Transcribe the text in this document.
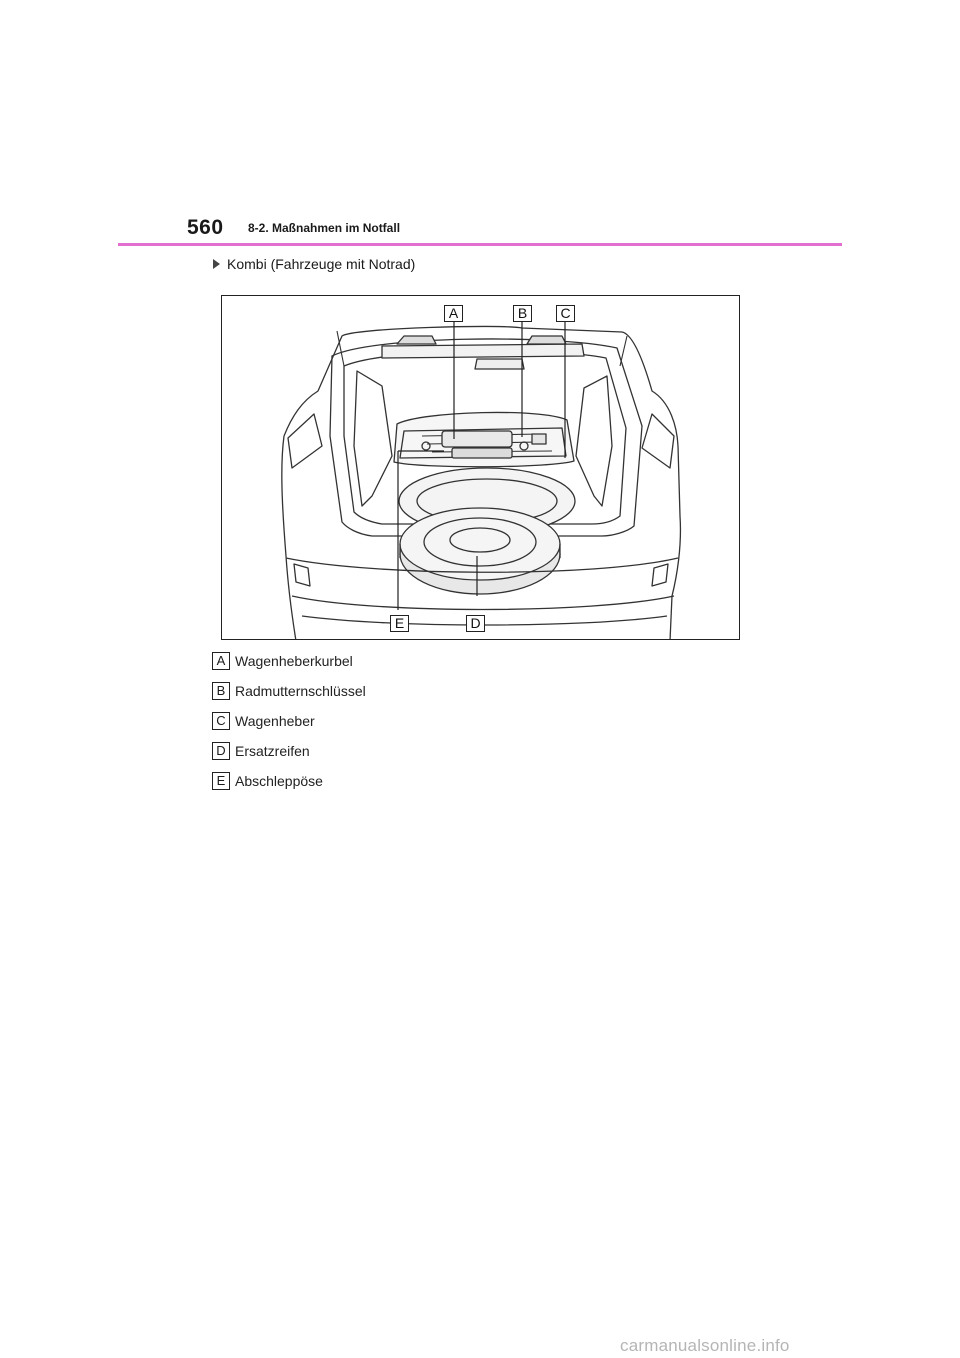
560 8-2. Maßnahmen im Notfall
Kombi (Fahrzeuge mit Notrad)
A	B	C
D
E
A Wagenheberkurbel
B Radmutternschlüssel
C Wagenheber
D Ersatzreifen
E Abschleppöse
carmanualsonline.info
